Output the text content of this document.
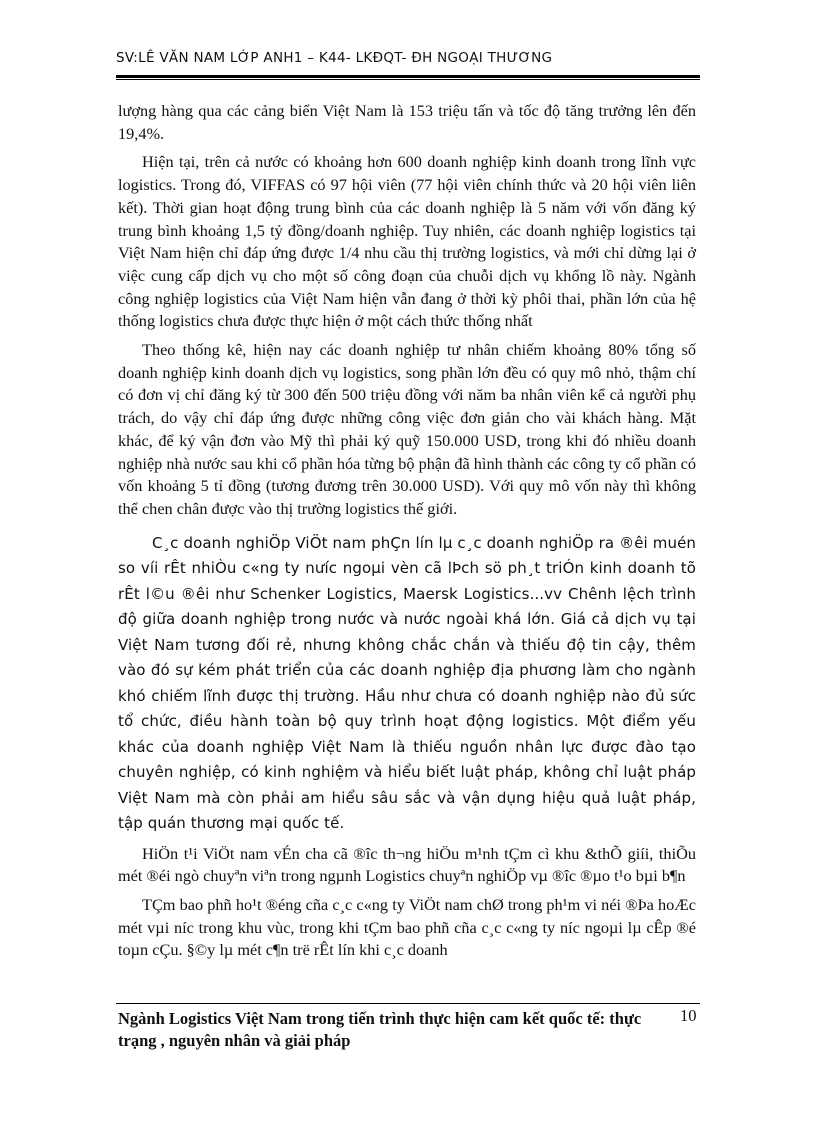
SV:LÊ VĂN NAM LỚP ANH1 – K44- LKĐQT- ĐH NGOẠI THƯƠNG

lượng hàng qua các cảng biển Việt Nam là 153 triệu tấn và tốc độ tăng trưởng lên đến 19,4%.

Hiện tại, trên cả nước có khoảng hơn 600 doanh nghiệp kinh doanh trong lĩnh vực logistics. Trong đó, VIFFAS có 97 hội viên (77 hội viên chính thức và 20 hội viên liên kết). Thời gian hoạt động trung bình của các doanh nghiệp là 5 năm với vốn đăng ký trung bình khoảng 1,5 tỷ đồng/doanh nghiệp. Tuy nhiên, các doanh nghiệp logistics tại Việt Nam hiện chỉ đáp ứng được 1/4 nhu cầu thị trường logistics, và mới chỉ dừng lại ở việc cung cấp dịch vụ cho một số công đoạn của chuỗi dịch vụ khổng lồ này. Ngành công nghiệp logistics của Việt Nam hiện vẫn đang ở thời kỳ phôi thai, phần lớn của hệ thống logistics chưa được thực hiện ở một cách thức thống nhất

Theo thống kê, hiện nay các doanh nghiệp tư nhân chiếm khoảng 80% tổng số doanh nghiệp kinh doanh dịch vụ logistics, song phần lớn đều có quy mô nhỏ, thậm chí có đơn vị chỉ đăng ký từ 300 đến 500 triệu đồng với năm ba nhân viên kể cả người phụ trách, do vậy chỉ đáp ứng được những công việc đơn giản cho vài khách hàng. Mặt khác, để ký vận đơn vào Mỹ thì phải ký quỹ 150.000 USD, trong khi đó nhiều doanh nghiệp nhà nước sau khi cổ phần hóa từng bộ phận đã hình thành các công ty cổ phần có vốn khoảng 5 tỉ đồng (tương đương trên 30.000 USD). Với quy mô vốn này thì không thể chen chân được vào thị trường logistics thế giới.

C¸c doanh nghiÖp ViÖt nam phÇn lín lµ c¸c doanh nghiÖp ra ®êi muén so víi rÊt nhiÒu c«ng ty nưíc ngoµi vèn cã lÞch sö ph¸t triÓn kinh doanh tõ rÊt l©u ®êi như Schenker Logistics, Maersk Logistics...vv Chênh lệch trình độ giữa doanh nghiệp trong nước và nước ngoài khá lớn. Giá cả dịch vụ tại Việt Nam tương đối rẻ, nhưng không chắc chắn và thiếu độ tin cậy, thêm vào đó sự kém phát triển của các doanh nghiệp địa phương làm cho ngành khó chiếm lĩnh được thị trường. Hầu như chưa có doanh nghiệp nào đủ sức tổ chức, điều hành toàn bộ quy trình hoạt động logistics. Một điểm yếu khác của doanh nghiệp Việt Nam là thiếu nguồn nhân lực được đào tạo chuyên nghiệp, có kinh nghiệm và hiểu biết luật pháp, không chỉ luật pháp Việt Nam mà còn phải am hiểu sâu sắc và vận dụng hiệu quả luật pháp, tập quán thương mại quốc tế.

HiÖn t¹i ViÖt nam vÉn cha cã ®îc th¬ng hiÖu m¹nh tÇm cì khu &thÕ giíi, thiÕu mét ®éi ngò chuyªn viªn trong ngµnh Logistics chuyªn nghiÖp vµ ®îc ®µo t¹o bµi b¶n

TÇm bao phñ ho¹t ®éng cña c¸c c«ng ty ViÖt nam chØ trong ph¹m vi néi ®Þa hoÆc mét vµi níc trong khu vùc, trong khi tÇm bao phñ cña c¸c c«ng ty níc ngoµi lµ cÊp ®é toµn cÇu. §©y lµ mét c¶n trë rÊt lín khi c¸c doanh

Ngành Logistics Việt Nam trong tiến trình thực hiện cam kết quốc tế: thực trạng , nguyên nhân và giải pháp
10
